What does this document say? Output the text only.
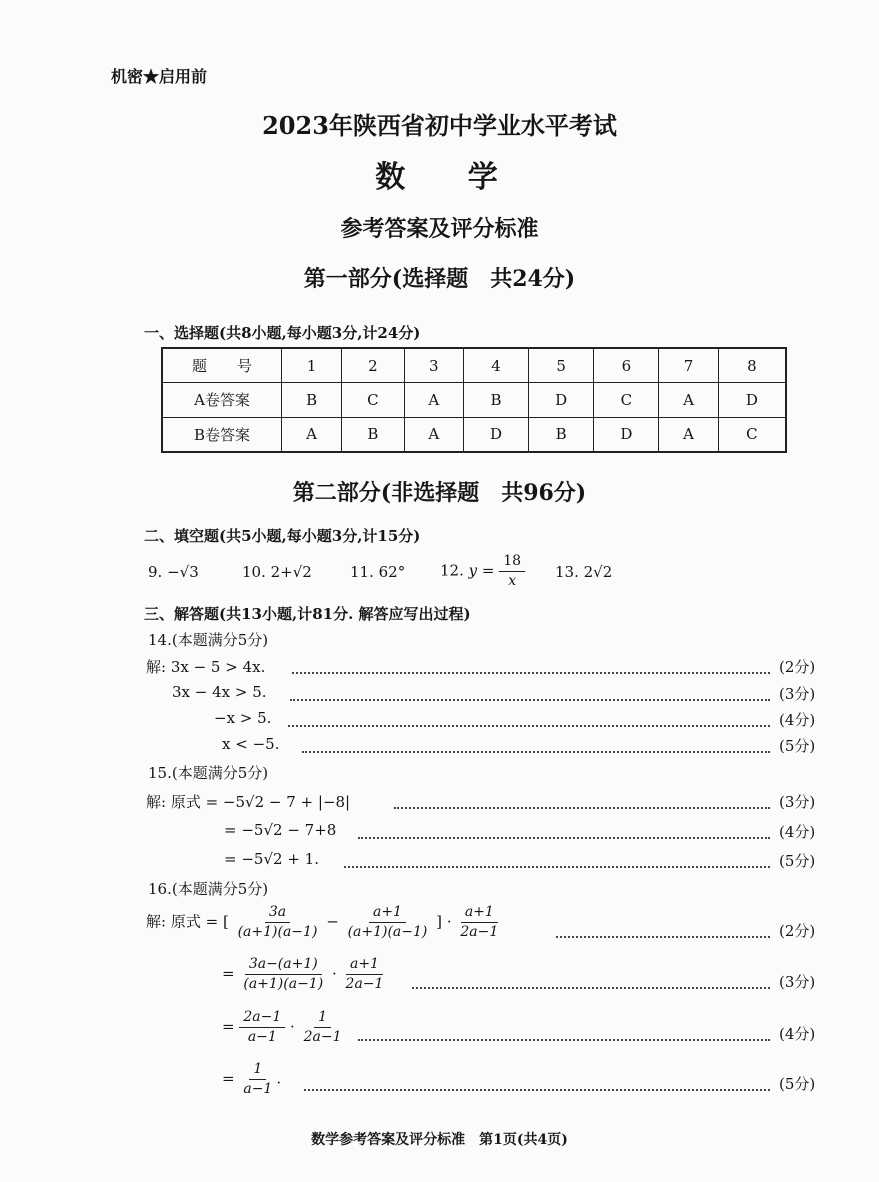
机密★启用前
2023年陕西省初中学业水平考试
数 学
参考答案及评分标准
第一部分(选择题　共24分)
一、选择题(共8小题,每小题3分,计24分)
题　　号	1	2	3	4	5	6	7	8
A卷答案	B	C	A	B	D	C	A	D
B卷答案	A	B	A	D	B	D	A	C
第二部分(非选择题　共96分)
二、填空题(共5小题,每小题3分,计15分)
9. −√3	10. 2+√2	11. 62° 12. $y = \frac{18}{x} 13$. 2√2
三、解答题(共13小题,计81分. 解答应写出过程)
14.(本题满分5分)
解: 3x − 5 > 4x.	(2分)
3x − 4x > 5.	(3分)
−x > 5.	(4分)
x < −5.	(5分)
15.(本题满分5分)
解: 原式 = −5√2 − 7 + |−8|	(3分)
= −5√2 − 7+8	(4分)
= −5√2 + 1.	(5分)
16.(本题满分5分)
解: 原式 = [ $\frac{3a}{(a+1)(a-1)} - \frac{a+1}{(a+1)(a-1)}$ ] · $\frac{a+1}{2a-1}$	(2分)
= $\frac{3a-(a+1)}{(a+1)(a-1)} \cdot \frac{a+1}{2a-1}$	(3分)
= $\frac{2a-1}{a-1} \cdot \frac{1}{2a-1}$	(4分)
= $\frac{1}{a-1}$ .	(5分)
数学参考答案及评分标准　第1页(共4页)
